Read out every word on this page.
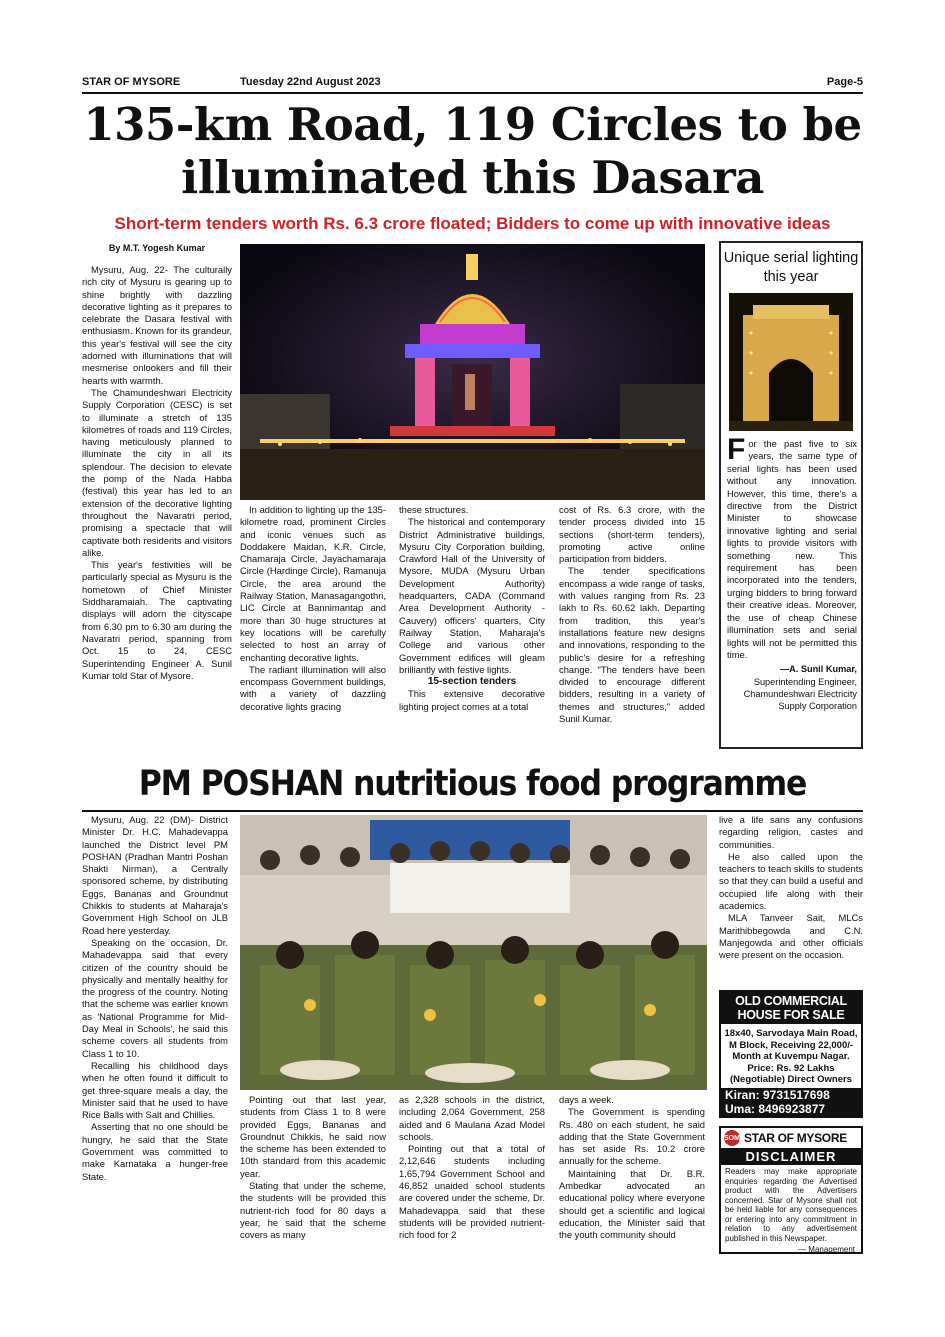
STAR OF MYSORE	Tuesday 22nd August 2023	Page-5
135-km Road, 119 Circles to be
illuminated this Dasara
Short-term tenders worth Rs. 6.3 crore floated; Bidders to come up with innovative ideas
By M.T. Yogesh Kumar

Mysuru, Aug. 22- The culturally rich city of Mysuru is gearing up to shine brightly with dazzling decorative lighting as it prepares to celebrate the Dasara festival with enthusiasm. Known for its grandeur, this year's festival will see the city adorned with illuminations that will mesmerise onlookers and fill their hearts with warmth.

The Chamundeshwari Electricity Supply Corporation (CESC) is set to illuminate a stretch of 135 kilometres of roads and 119 Circles, having meticulously planned to illuminate the city in all its splendour. The decision to elevate the pomp of the Nada Habba (festival) this year has led to an extension of the decorative lighting throughout the Navaratri period, promising a spectacle that will captivate both residents and visitors alike.

This year's festivities will be particularly special as Mysuru is the hometown of Chief Minister Siddharamaiah. The captivating displays will adorn the cityscape from 6.30 pm to 6.30 am during the Navaratri period, spanning from Oct. 15 to 24, CESC Superintending Engineer A. Sunil Kumar told Star of Mysore.

In addition to lighting up the 135-kilometre road, prominent Circles and iconic venues such as Doddakere Maidan, K.R. Circle, Chamaraja Circle, Jayachamaraja Circle (Hardinge Circle), Ramanuja Circle, the area around the Railway Station, Manasagangothri, LIC Circle at Bannimantap and more than 30 huge structures at key locations will be carefully selected to host an array of enchanting decorative lights.

The radiant illumination will also encompass Government buildings, with a variety of dazzling decorative lights gracing

these structures.

The historical and contemporary District Administrative buildings, Mysuru City Corporation building, Crawford Hall of the University of Mysore, MUDA (Mysuru Urban Development Authority) headquarters, CADA (Command Area Development Authority - Cauvery) officers' quarters, City Railway Station, Maharaja's College and various other Government edifices will gleam brilliantly with festive lights.

15-section tenders

This extensive decorative lighting project comes at a total

cost of Rs. 6.3 crore, with the tender process divided into 15 sections (short-term tenders), promoting active online participation from bidders.

The tender specifications encompass a wide range of tasks, with values ranging from Rs. 23 lakh to Rs. 60.62 lakh. Departing from tradition, this year's installations feature new designs and innovations, responding to the public's desire for a refreshing change. "The tenders have been divided to encourage different bidders, resulting in a variety of themes and structures," added Sunil Kumar.

Unique serial lighting this year
For the past five to six years, the same type of serial lights has been used without any innovation. However, this time, there's a directive from the District Minister to showcase innovative lighting and serial lights to provide visitors with something new. This requirement has been incorporated into the tenders, urging bidders to bring forward their creative ideas. Moreover, the use of cheap Chinese illumination sets and serial lights will not be permitted this time.
—A. Sunil Kumar,
Superintending Engineer,
Chamundeshwari Electricity Supply Corporation
PM POSHAN nutritious food programme

Mysuru, Aug. 22 (DM)- District Minister Dr. H.C. Mahadevappa launched the District level PM POSHAN (Pradhan Mantri Poshan Shakti Nirman), a Centrally sponsored scheme, by distributing Eggs, Bananas and Groundnut Chikkis to students at Maharaja's Government High School on JLB Road here yesterday.

Speaking on the occasion, Dr. Mahadevappa said that every citizen of the country should be physically and mentally healthy for the progress of the country. Noting that the scheme was earlier known as 'National Programme for Mid-Day Meal in Schools', he said this scheme covers all students from Class 1 to 10.

Recalling his childhood days when he often found it difficult to get three-square meals a day, the Minister said that he used to have Rice Balls with Salt and Chillies.

Asserting that no one should be hungry, he said that the State Government was committed to make Karnataka a hunger-free State.

Pointing out that last year, students from Class 1 to 8 were provided Eggs, Bananas and Groundnut Chikkis, he said now the scheme has been extended to 10th standard from this academic year.

Stating that under the scheme, the students will be provided this nutrient-rich food for 80 days a year, he said that the scheme covers as many

as 2,328 schools in the district, including 2,064 Government, 258 aided and 6 Maulana Azad Model schools.

Pointing out that a total of 2,12,646 students including 1,65,794 Government School and 46,852 unaided school students are covered under the scheme, Dr. Mahadevappa said that these students will be provided nutrient-rich food for 2

days a week.

The Government is spending Rs. 480 on each student, he said adding that the State Government has set aside Rs. 10.2 crore annually for the scheme.

Maintaining that Dr. B.R. Ambedkar advocated an educational policy where everyone should get a scientific and logical education, the Minister said that the youth community should

live a life sans any confusions regarding religion, castes and communities.

He also called upon the teachers to teach skills to students so that they can build a useful and occupied life along with their academics.

MLA Tanveer Sait, MLCs Marithibbegowda and C.N. Manjegowda and other officials were present on the occasion.

OLD COMMERCIAL HOUSE FOR SALE
18x40, Sarvodaya Main Road, M Block, Receiving 22,000/- Month at Kuvempu Nagar. Price: Rs. 92 Lakhs (Negotiable) Direct Owners
Kiran: 9731517698
Uma: 8496923877
SOM STAR OF MYSORE
DISCLAIMER
Readers may make appropriate enquiries regarding the Advertised product with the Advertisers concerned. Star of Mysore shall not be held liable for any consequences or entering into any commitment in relation to any advertisement published in this Newspaper.
— Management
